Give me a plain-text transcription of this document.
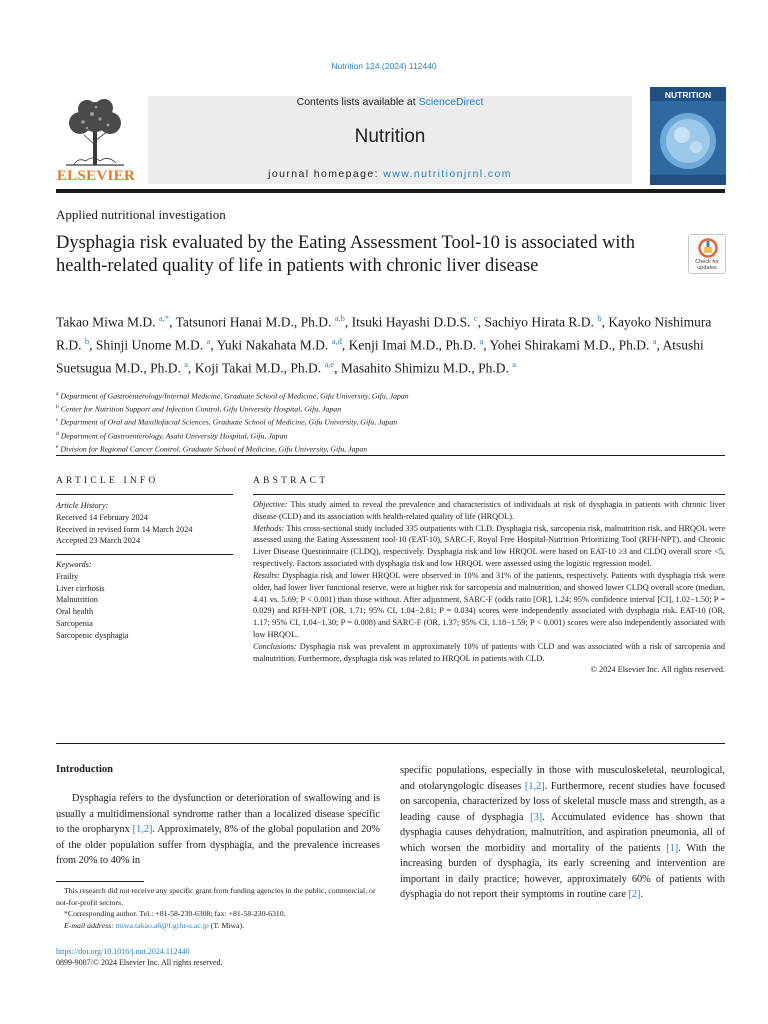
Nutrition 124 (2024) 112440
ELSEVIER
Contents lists available at ScienceDirect
Nutrition
journal homepage: www.nutritionjrnl.com
NUTRITION
Applied nutritional investigation
Dysphagia risk evaluated by the Eating Assessment Tool-10 is associated with health-related quality of life in patients with chronic liver disease	Check for updates
Takao Miwa M.D. $^{a,*}$, Tatsunori Hanai M.D., Ph.D. $^{a,b}$, Itsuki Hayashi D.D.S. $^c$, Sachiyo Hirata R.D. $^b$, Kayoko Nishimura R.D. $^b$, Shinji Unome M.D. $^a$, Yuki Nakahata M.D. $^{a,d}$, Kenji Imai M.D., Ph.D. $^a$, Yohei Shirakami M.D., Ph.D. $^a$, Atsushi Suetsugua M.D., Ph.D. $^a$, Koji Takai M.D., Ph.D. $^{a,e}$, Masahito Shimizu M.D., Ph.D. $^a$
$^a$ Department of Gastroenterology/Internal Medicine, Graduate School of Medicine, Gifu University, Gifu, Japan
$^b$ Center for Nutrition Support and Infection Control, Gifu University Hospital, Gifu, Japan
$^c$ Department of Oral and Maxillofacial Sciences, Graduate School of Medicine, Gifu University, Gifu, Japan
$^d$ Department of Gastroenterology, Asahi University Hospital, Gifu, Japan
$^e$ Division for Regional Cancer Control, Graduate School of Medicine, Gifu University, Gifu, Japan
ARTICLE INFO	ABSTRACT
Article History:
Received 14 February 2024
Received in revised form 14 March 2024
Accepted 23 March 2024
Keywords:
Frailty
Liver cirrhosis
Malnutrition
Oral health
Sarcopenia
Sarcopenic dysphagia

Objective: This study aimed to reveal the prevalence and characteristics of individuals at risk of dysphagia in patients with chronic liver disease (CLD) and its association with health-related quality of life (HRQOL).

Methods: This cross-sectional study included 335 outpatients with CLD. Dysphagia risk, sarcopenia risk, malnutrition risk, and HRQOL were assessed using the Eating Assessment tool-10 (EAT-10), SARC-F, Royal Free Hospital-Nutrition Prioritizing Tool (RFH-NPT), and Chronic Liver Disease Questionnaire (CLDQ), respectively. Dysphagia risk and low HRQOL were based on EAT-10 ≥3 and CLDQ overall score <5, respectively. Factors associated with dysphagia risk and low HRQOL were assessed using the logistic regression model.

Results: Dysphagia risk and lower HRQOL were observed in 10% and 31% of the patients, respectively. Patients with dysphagia risk were older, had lower liver functional reserve, were at higher risk for sarcopenia and malnutrition, and showed lower CLDQ overall score (median, 4.41 vs. 5.69; P < 0.001) than those without. After adjustment, SARC-F (odds ratio [OR], 1.24; 95% confidence interval [CI], 1.02−1.50; P = 0.029) and RFH-NPT (OR, 1.71; 95% CI, 1.04−2.81; P = 0.034) scores were independently associated with dysphagia risk. EAT-10 (OR, 1.17; 95% CI, 1.04−1.30; P = 0.008) and SARC-F (OR, 1.37; 95% CI, 1.18−1.59; P < 0.001) scores were also independently associated with low HRQOL.

Conclusions: Dysphagia risk was prevalent in approximately 10% of patients with CLD and was associated with a risk of sarcopenia and malnutrition. Furthermore, dysphagia risk was related to HRQOL in patients with CLD.

© 2024 Elsevier Inc. All rights reserved.

Introduction
Dysphagia refers to the dysfunction or deterioration of swallowing and is usually a multidimensional syndrome rather than a localized disease specific to the oropharynx [1,2]. Approximately, 8% of the global population and 20% of the older population suffer from dysphagia, and the prevalence increases from 20% to 40% in
specific populations, especially in those with musculoskeletal, neurological, and otolaryngologic diseases [1,2]. Furthermore, recent studies have focused on sarcopenia, characterized by loss of skeletal muscle mass and strength, as a leading cause of dysphagia [3]. Accumulated evidence has shown that dysphagia causes dehydration, malnutrition, and aspiration pneumonia, all of which worsen the morbidity and mortality of the patients [1]. With the increasing burden of dysphagia, its early screening and intervention are important in daily practice; however, approximately 60% of patients with dysphagia do not report their symptoms in routine care [2].

This research did not receive any specific grant from funding agencies in the public, commercial, or not-for-profit sectors.

*Corresponding author. Tel.: +81-58-230-6308; fax: +81-58-230-6310.

E-mail address: miwa.takao.a6@f.gifu-u.ac.jp (T. Miwa).

https://doi.org/10.1016/j.nut.2024.112440
0899-9007/© 2024 Elsevier Inc. All rights reserved.
